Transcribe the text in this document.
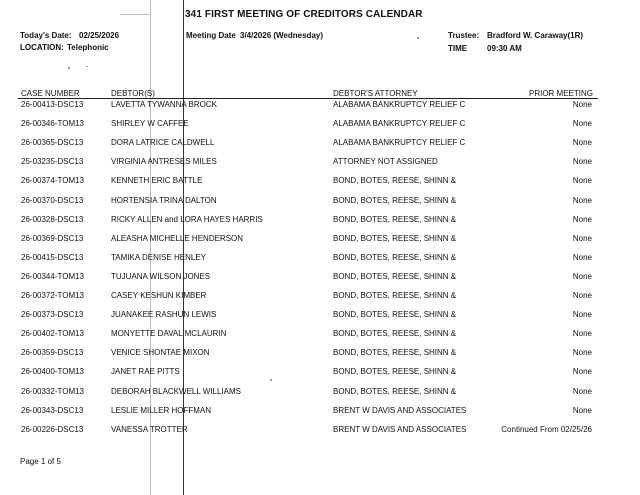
341 FIRST MEETING OF CREDITORS CALENDAR
Today's Date: 02/25/2026	Meeting Date 3/4/2026 (Wednesday)	Trustee: Bradford W. Caraway(1R)
LOCATION: Telephonic	TIME 09:30 AM
CASE NUMBER	DEBTOR(S)	DEBTOR'S ATTORNEY	PRIOR MEETING
26-00413-DSC13	LAVETTA TYWANNA BROCK	ALABAMA BANKRUPTCY RELIEF C	None
26-00346-TOM13	SHIRLEY W CAFFEE	ALABAMA BANKRUPTCY RELIEF C	None
26-00365-DSC13	DORA LATRICE CALDWELL	ALABAMA BANKRUPTCY RELIEF C	None
25-03235-DSC13	VIRGINIA ANTRESES MILES	ATTORNEY NOT ASSIGNED	None
26-00374-TOM13	KENNETH ERIC BATTLE	BOND, BOTES, REESE, SHINN &	None
26-00370-DSC13	HORTENSIA TRINA DALTON	BOND, BOTES, REESE, SHINN &	None
26-00328-DSC13	RICKY ALLEN and LORA HAYES HARRIS	BOND, BOTES, REESE, SHINN &	None
26-00369-DSC13	ALEASHA MICHELLE HENDERSON	BOND, BOTES, REESE, SHINN &	None
26-00415-DSC13	TAMIKA DENISE HENLEY	BOND, BOTES, REESE, SHINN &	None
26-00344-TOM13	TUJUANA WILSON JONES	BOND, BOTES, REESE, SHINN &	None
26-00372-TOM13	CASEY KESHUN KIMBER	BOND, BOTES, REESE, SHINN &	None
26-00373-DSC13	JUANAKEE RASHUN LEWIS	BOND, BOTES, REESE, SHINN &	None
26-00402-TOM13	MONYETTE DAVAL MCLAURIN	BOND, BOTES, REESE, SHINN &	None
26-00359-DSC13	VENICE SHONTAE MIXON	BOND, BOTES, REESE, SHINN &	None
26-00400-TOM13	JANET RAE PITTS	BOND, BOTES, REESE, SHINN &	None
26-00332-TOM13	DEBORAH BLACKWELL WILLIAMS	BOND, BOTES, REESE, SHINN &	None
26-00343-DSC13	LESLIE MILLER HOFFMAN	BRENT W DAVIS AND ASSOCIATES	None
26-00226-DSC13	VANESSA TROTTER	BRENT W DAVIS AND ASSOCIATES	Continued From 02/25/26
Page 1 of 5
